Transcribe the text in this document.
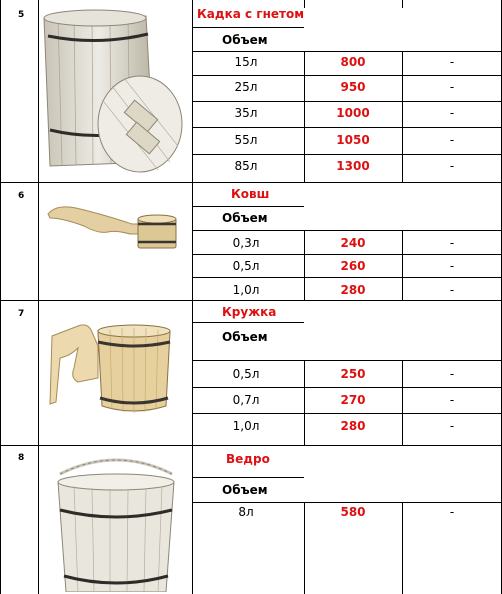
5	Кадка с гнетом
Объем
15л	800	-
25л	950	-
35л	1000	-
55л	1050	-
85л	1300	-
6	Ковш
Объем
0,3л	240	-
0,5л	260	-
1,0л	280	-
7	Кружка
Объем
0,5л	250	-
0,7л	270	-
1,0л	280	-
8	Ведро
Объем
8л	580	-
